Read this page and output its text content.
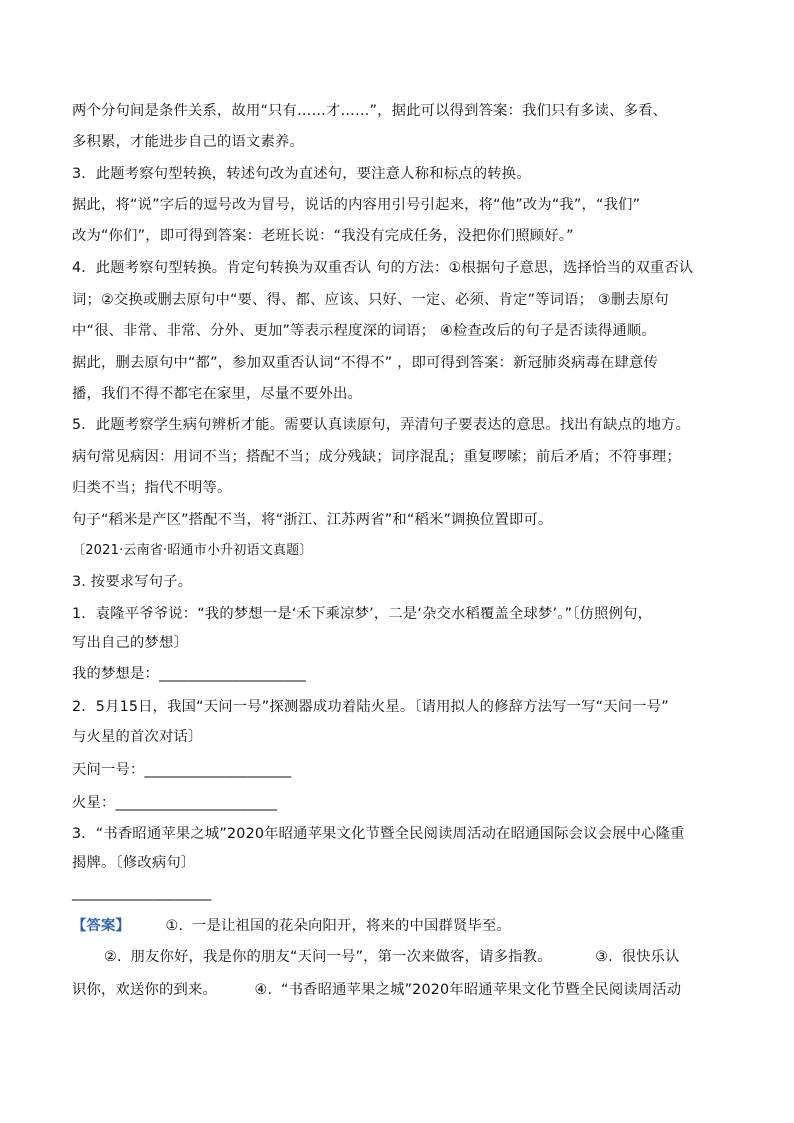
两个分句间是条件关系，故用“只有……才……”，据此可以得到答案：我们只有多读、多看、
多积累，才能进步自己的语文素养。
3．此题考察句型转换，转述句改为直述句，要注意人称和标点的转换。
据此，将“说”字后的逗号改为冒号，说话的内容用引号引起来，将“他”改为“我”，“我们”
改为“你们”，即可得到答案：老班长说：“我没有完成任务，没把你们照顾好。”
4．此题考察句型转换。肯定句转换为双重否认 句的方法：①根据句子意思，选择恰当的双重否认
词；②交换或删去原句中“要、得、都、应该、只好、一定、必须、肯定”等词语； ③删去原句
中“很、非常、非常、分外、更加”等表示程度深的词语； ④检查改后的句子是否读得通顺。
据此，删去原句中“都”，参加双重否认词“不得不” ，即可得到答案：新冠肺炎病毒在肆意传
播，我们不得不都宅在家里，尽量不要外出。
5．此题考察学生病句辨析才能。需要认真读原句，弄清句子要表达的意思。找出有缺点的地方。
病句常见病因：用词不当；搭配不当；成分残缺；词序混乱；重复啰嗦；前后矛盾；不符事理；
归类不当；指代不明等。
句子“稻米是产区”搭配不当，将“浙江、江苏两省”和“稻米”调换位置即可。
〔2021·云南省·昭通市小升初语文真题〕
3. 按要求写句子。
1．袁隆平爷爷说：“我的梦想一是‘禾下乘凉梦’，二是‘杂交水稻覆盖全球梦’。”〔仿照例句，
写出自己的梦想〕
我的梦想是：____________________
2．5月15日，我国“天问一号”探测器成功着陆火星。〔请用拟人的修辞方法写一写“天问一号”
与火星的首次对话〕
天问一号：____________________
火星：______________________
3．“书香昭通苹果之城”2020年昭通苹果文化节暨全民阅读周活动在昭通国际会议会展中心隆重
揭牌。〔修改病句〕
___________________
【答案】 ①. 一是让祖国的花朵向阳开，将来的中国群贤毕至。
②. 朋友你好，我是你的朋友“天问一号”，第一次来做客，请多指教。	③. 很快乐认
识你，欢送你的到来。	④. “书香昭通苹果之城”2020年昭通苹果文化节暨全民阅读周活动
